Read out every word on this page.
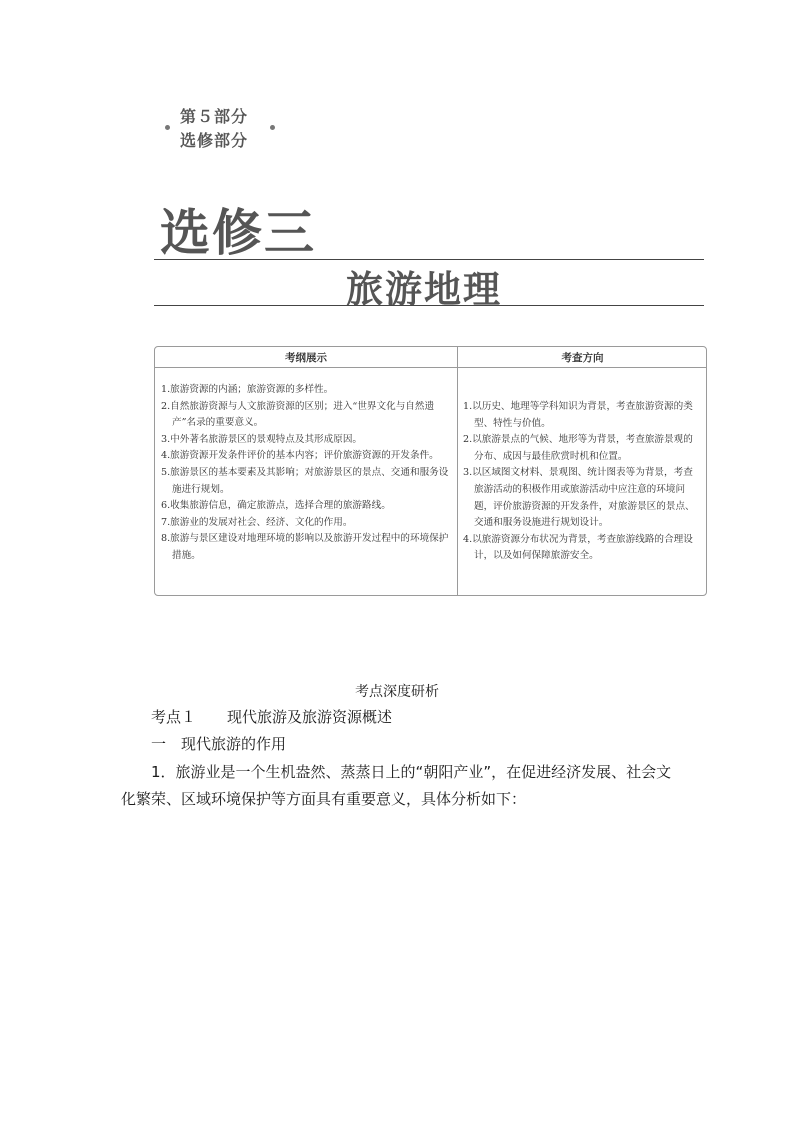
第５部分
选修部分
选修三
旅游地理
考纲展示	考查方向
1.旅游资源的内涵；旅游资源的多样性。
2.自然旅游资源与人文旅游资源的区别；进入“世界文化与自然遗产”名录的重要意义。
3.中外著名旅游景区的景观特点及其形成原因。
4.旅游资源开发条件评价的基本内容；评价旅游资源的开发条件。
5.旅游景区的基本要素及其影响；对旅游景区的景点、交通和服务设施进行规划。
6.收集旅游信息，确定旅游点，选择合理的旅游路线。
7.旅游业的发展对社会、经济、文化的作用。
8.旅游与景区建设对地理环境的影响以及旅游开发过程中的环境保护措施。
1.以历史、地理等学科知识为背景，考查旅游资源的类型、特性与价值。
2.以旅游景点的气候、地形等为背景，考查旅游景观的分布、成因与最佳欣赏时机和位置。
3.以区域图文材料、景观图、统计图表等为背景，考查旅游活动的积极作用或旅游活动中应注意的环境问题，评价旅游资源的开发条件，对旅游景区的景点、交通和服务设施进行规划设计。
4.以旅游资源分布状况为背景，考查旅游线路的合理设计，以及如何保障旅游安全。
考点深度研析
考点１ 现代旅游及旅游资源概述
一　现代旅游的作用

1．旅游业是一个生机盎然、蒸蒸日上的“朝阳产业”，在促进经济发展、社会文化繁荣、区域环境保护等方面具有重要意义，具体分析如下：
